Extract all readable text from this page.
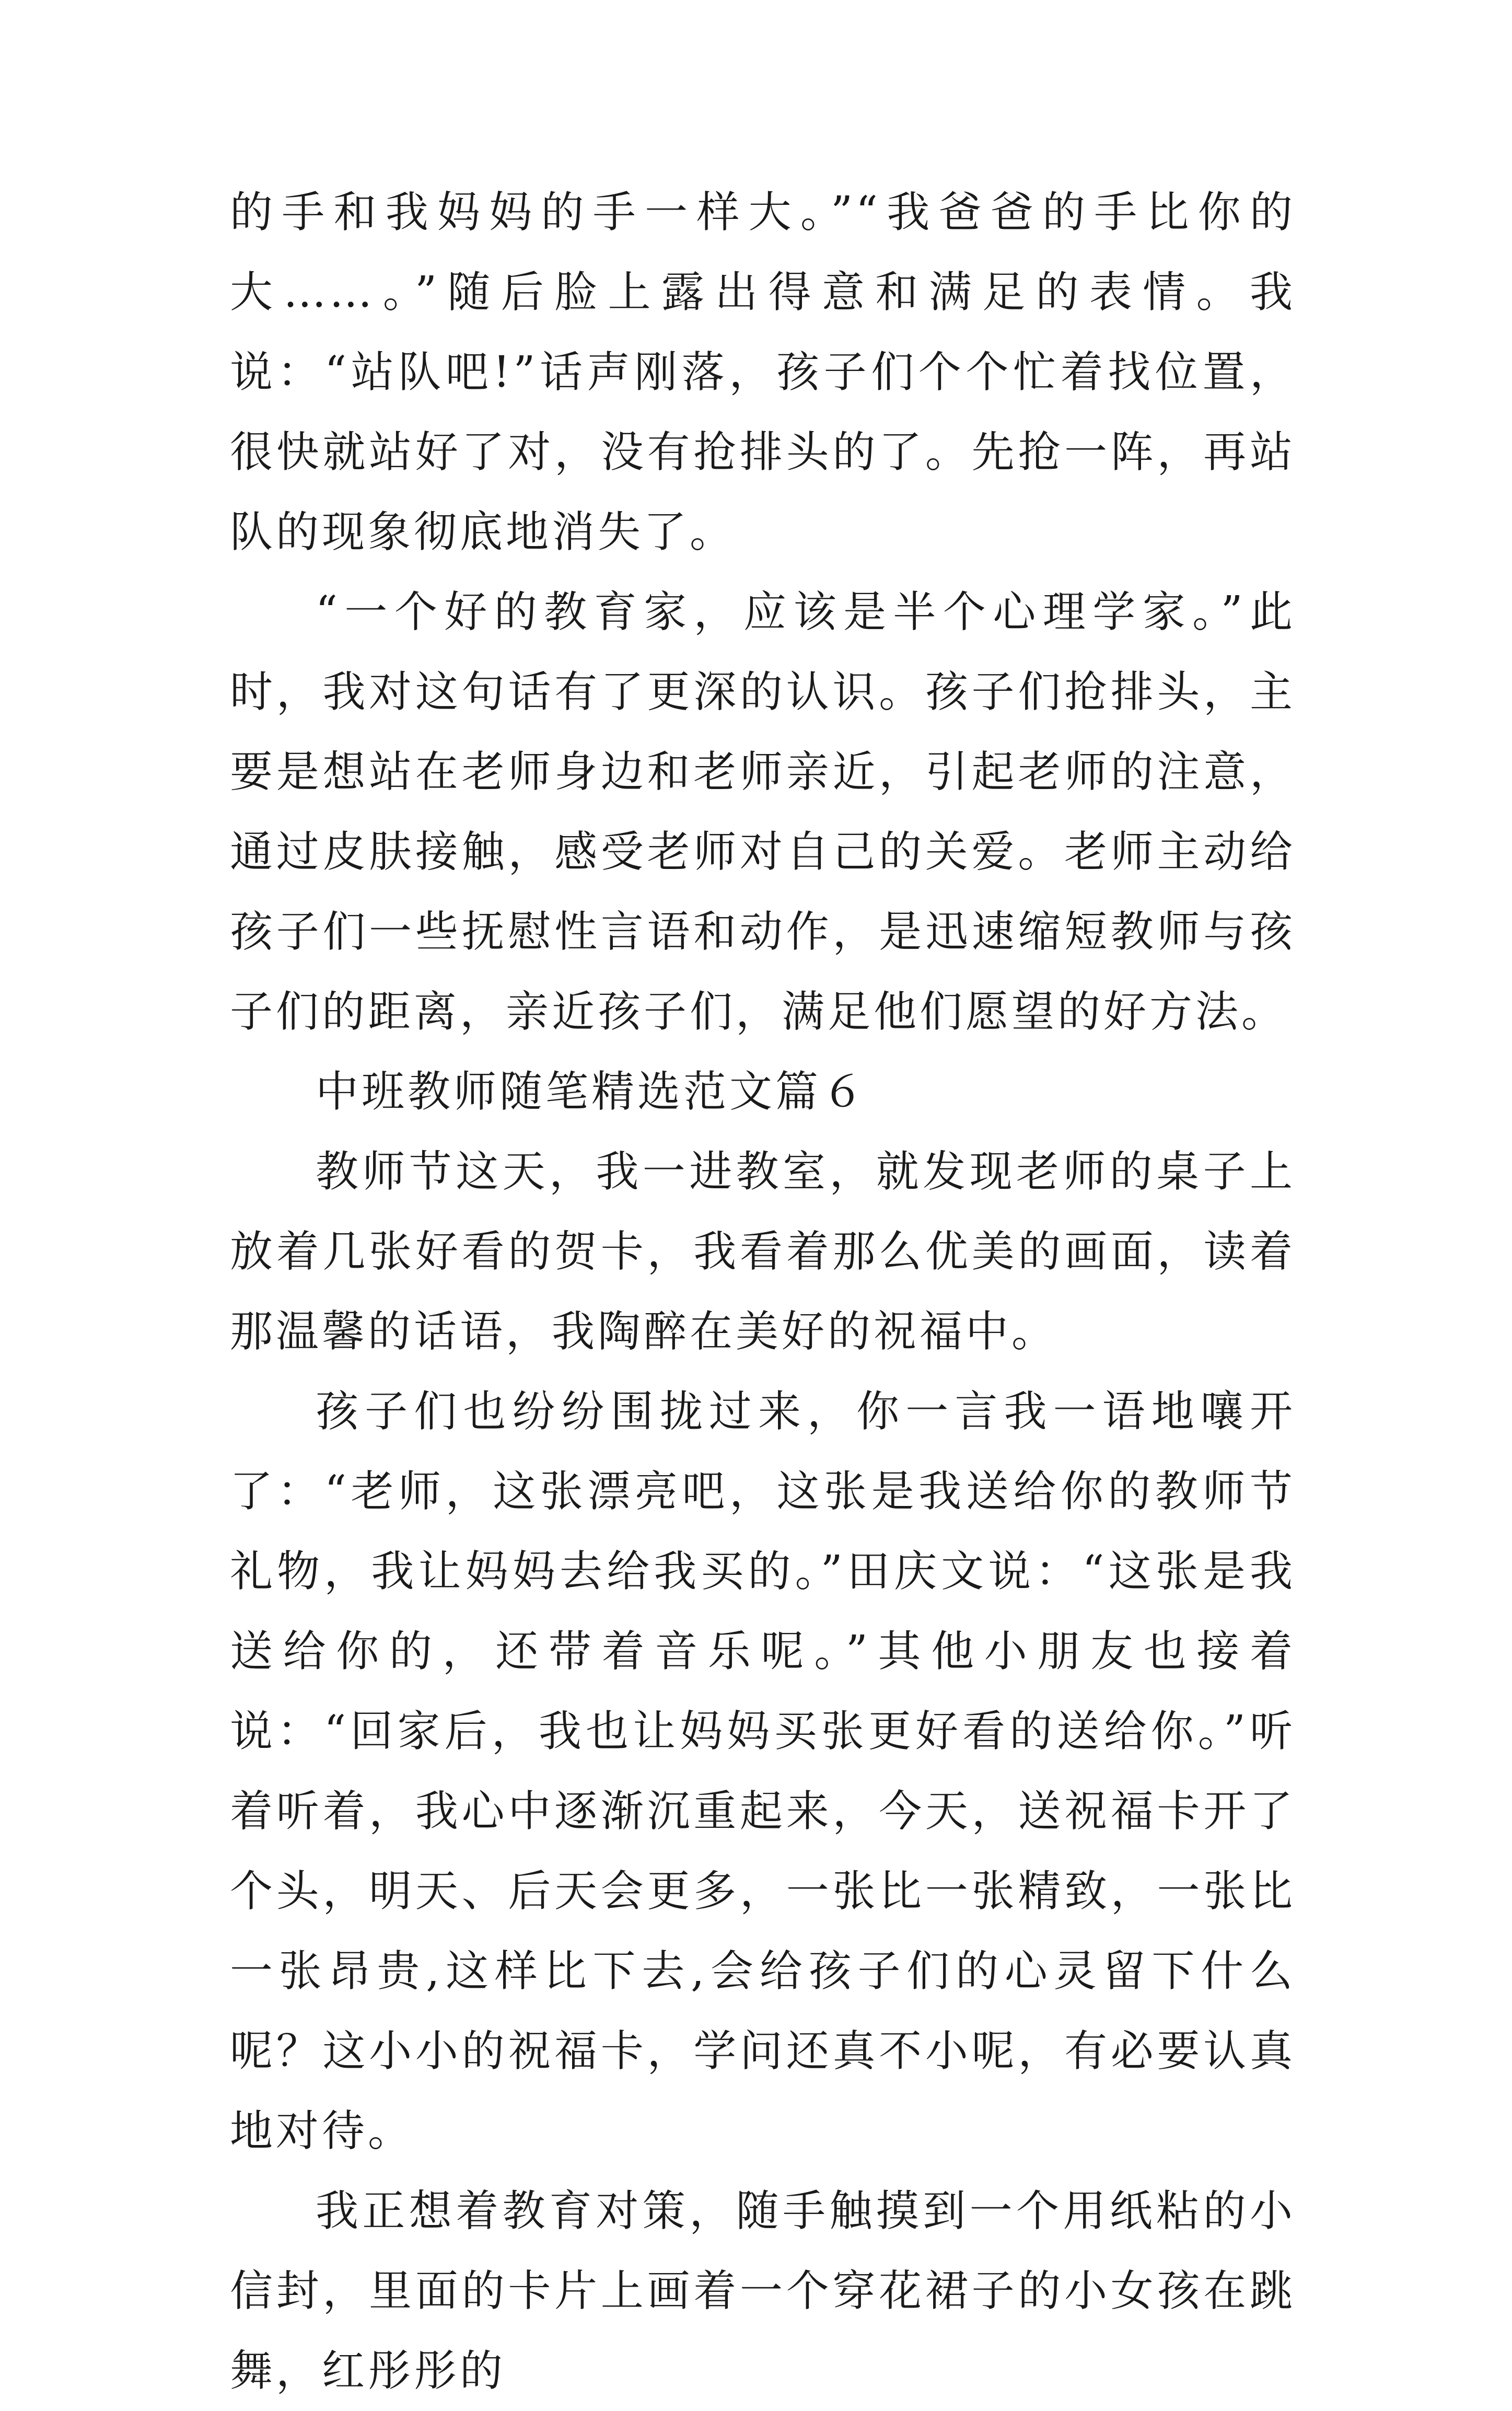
的手和我妈妈的手一样大。”“我爸爸的手比你的大……。”随后脸上露出得意和满足的表情。我说：“站队吧!”话声刚落，孩子们个个忙着找位置，很快就站好了对，没有抢排头的了。先抢一阵，再站队的现象彻底地消失了。

“一个好的教育家，应该是半个心理学家。”此时，我对这句话有了更深的认识。孩子们抢排头，主要是想站在老师身边和老师亲近，引起老师的注意，通过皮肤接触，感受老师对自己的关爱。老师主动给孩子们一些抚慰性言语和动作，是迅速缩短教师与孩子们的距离，亲近孩子们，满足他们愿望的好方法。

中班教师随笔精选范文篇６

教师节这天，我一进教室，就发现老师的桌子上放着几张好看的贺卡，我看着那么优美的画面，读着那温馨的话语，我陶醉在美好的祝福中。

孩子们也纷纷围拢过来，你一言我一语地嚷开了：“老师，这张漂亮吧，这张是我送给你的教师节礼物，我让妈妈去给我买的。”田庆文说：“这张是我送给你的，还带着音乐呢。”其他小朋友也接着说：“回家后，我也让妈妈买张更好看的送给你。”听着听着，我心中逐渐沉重起来，今天，送祝福卡开了个头，明天、后天会更多，一张比一张精致，一张比一张昂贵,这样比下去,会给孩子们的心灵留下什么呢？这小小的祝福卡，学问还真不小呢，有必要认真地对待。

我正想着教育对策，随手触摸到一个用纸粘的小信封，里面的卡片上画着一个穿花裙子的小女孩在跳舞，红彤彤的
